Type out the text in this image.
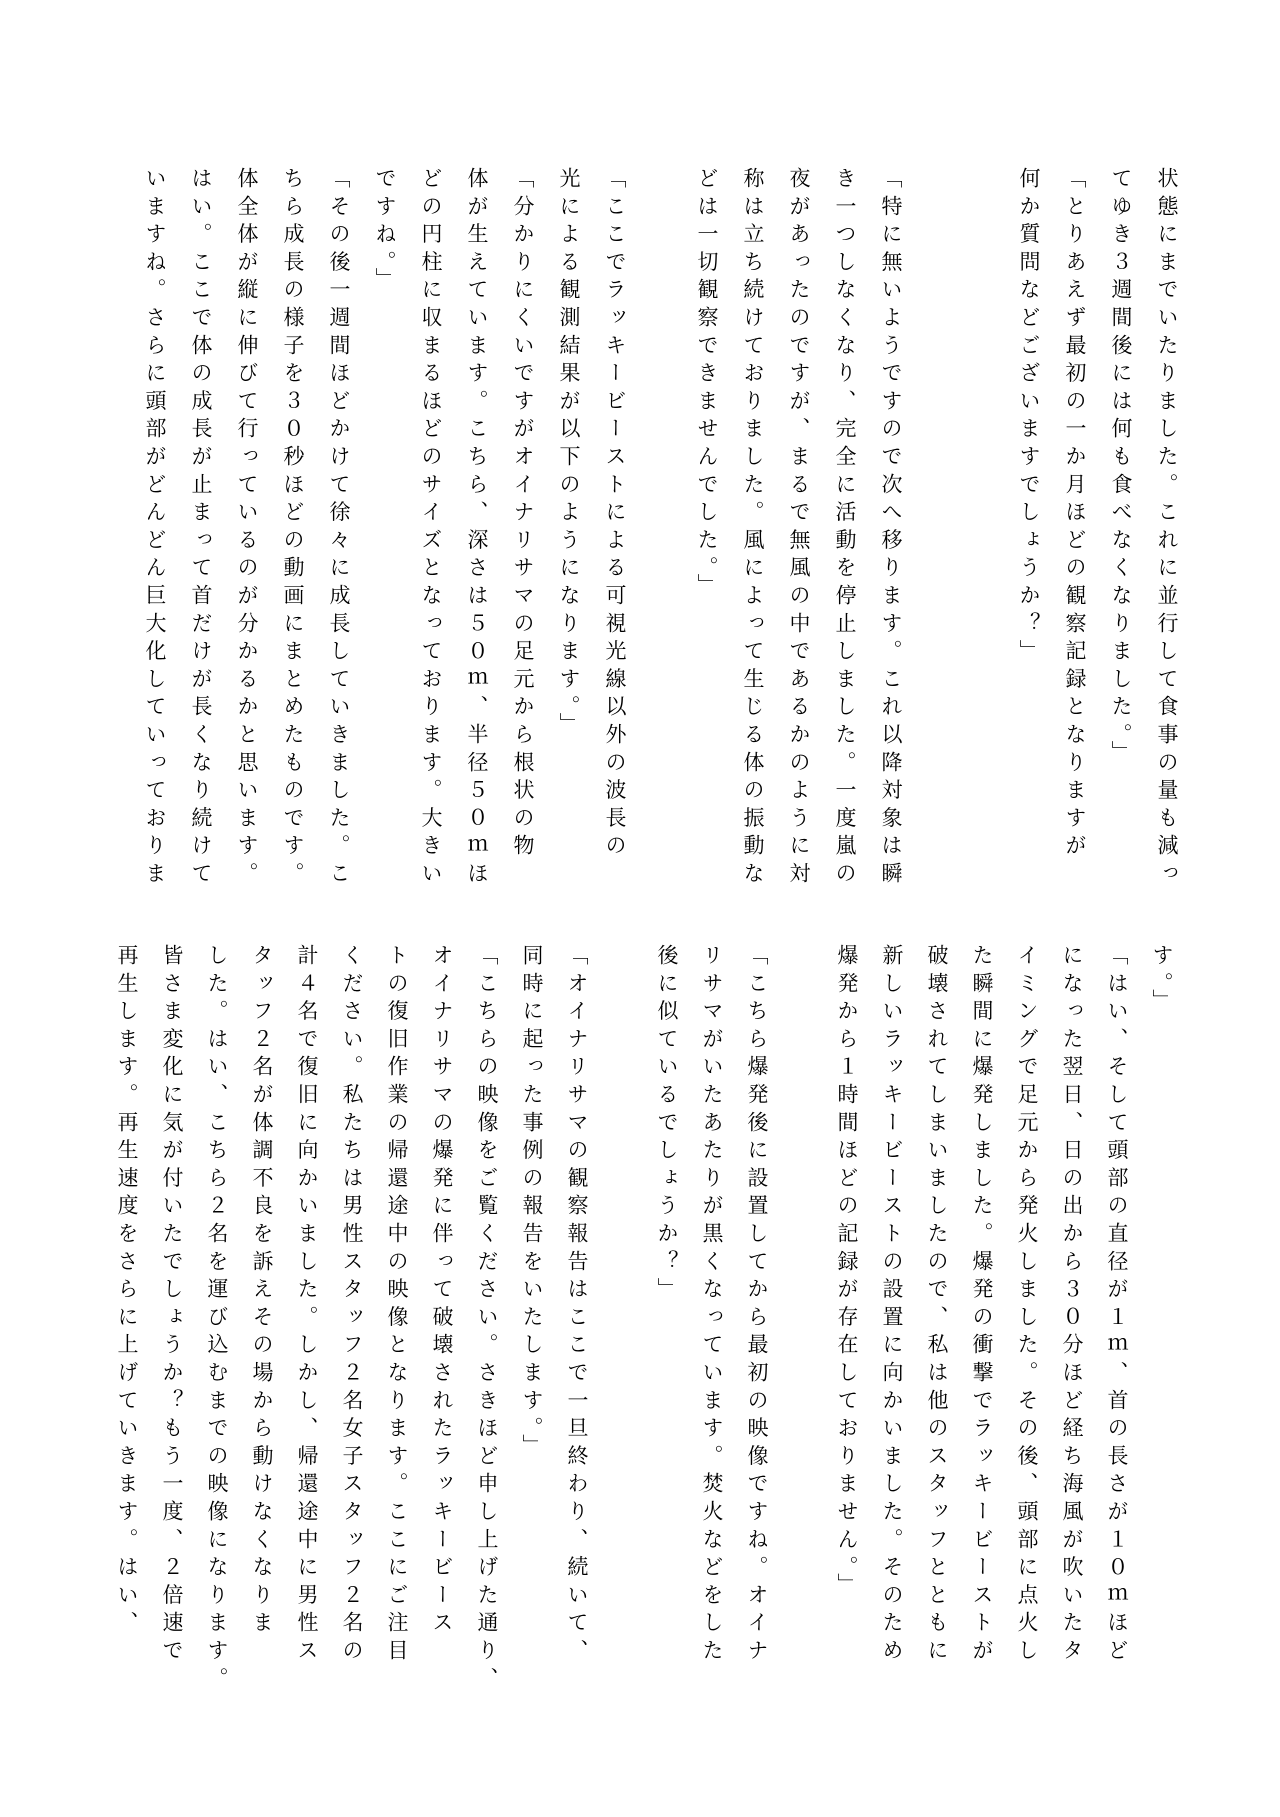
状態にまでいたりました。これに並行して食事の量も減っ
てゆき３週間後には何も食べなくなりました。」
「とりあえず最初の一か月ほどの観察記録となりますが
何か質問などございますでしょうか？」
「特に無いようですので次へ移ります。これ以降対象は瞬
き一つしなくなり、完全に活動を停止しました。一度嵐の
夜があったのですが、まるで無風の中であるかのように対
称は立ち続けておりました。風によって生じる体の振動な
どは一切観察できませんでした。」
「ここでラッキービーストによる可視光線以外の波長の
光による観測結果が以下のようになります。」
「分かりにくいですがオイナリサマの足元から根状の物
体が生えています。こちら、深さは５０ｍ、半径５０ｍほ
どの円柱に収まるほどのサイズとなっております。大きい
ですね。」
「その後一週間ほどかけて徐々に成長していきました。こ
ちら成長の様子を３０秒ほどの動画にまとめたものです。
体全体が縦に伸びて行っているのが分かるかと思います。
はい。ここで体の成長が止まって首だけが長くなり続けて
いますね。さらに頭部がどんどん巨大化していっておりま
す。」
「はい、そして頭部の直径が１ｍ、首の長さが１０ｍほど
になった翌日、日の出から３０分ほど経ち海風が吹いたタ
イミングで足元から発火しました。その後、頭部に点火し
た瞬間に爆発しました。爆発の衝撃でラッキービーストが
破壊されてしまいましたので、私は他のスタッフとともに
新しいラッキービーストの設置に向かいました。そのため
爆発から１時間ほどの記録が存在しておりません。」
「こちら爆発後に設置してから最初の映像ですね。オイナ
リサマがいたあたりが黒くなっています。焚火などをした
後に似ているでしょうか？」
「オイナリサマの観察報告はここで一旦終わり、続いて、
同時に起った事例の報告をいたします。」
「こちらの映像をご覧ください。さきほど申し上げた通り、
オイナリサマの爆発に伴って破壊されたラッキービース
トの復旧作業の帰還途中の映像となります。ここにご注目
ください。私たちは男性スタッフ２名女子スタッフ２名の
計４名で復旧に向かいました。しかし、帰還途中に男性ス
タッフ２名が体調不良を訴えその場から動けなくなりま
した。はい、こちら２名を運び込むまでの映像になります。
皆さま変化に気が付いたでしょうか？もう一度、２倍速で
再生します。再生速度をさらに上げていきます。はい、
